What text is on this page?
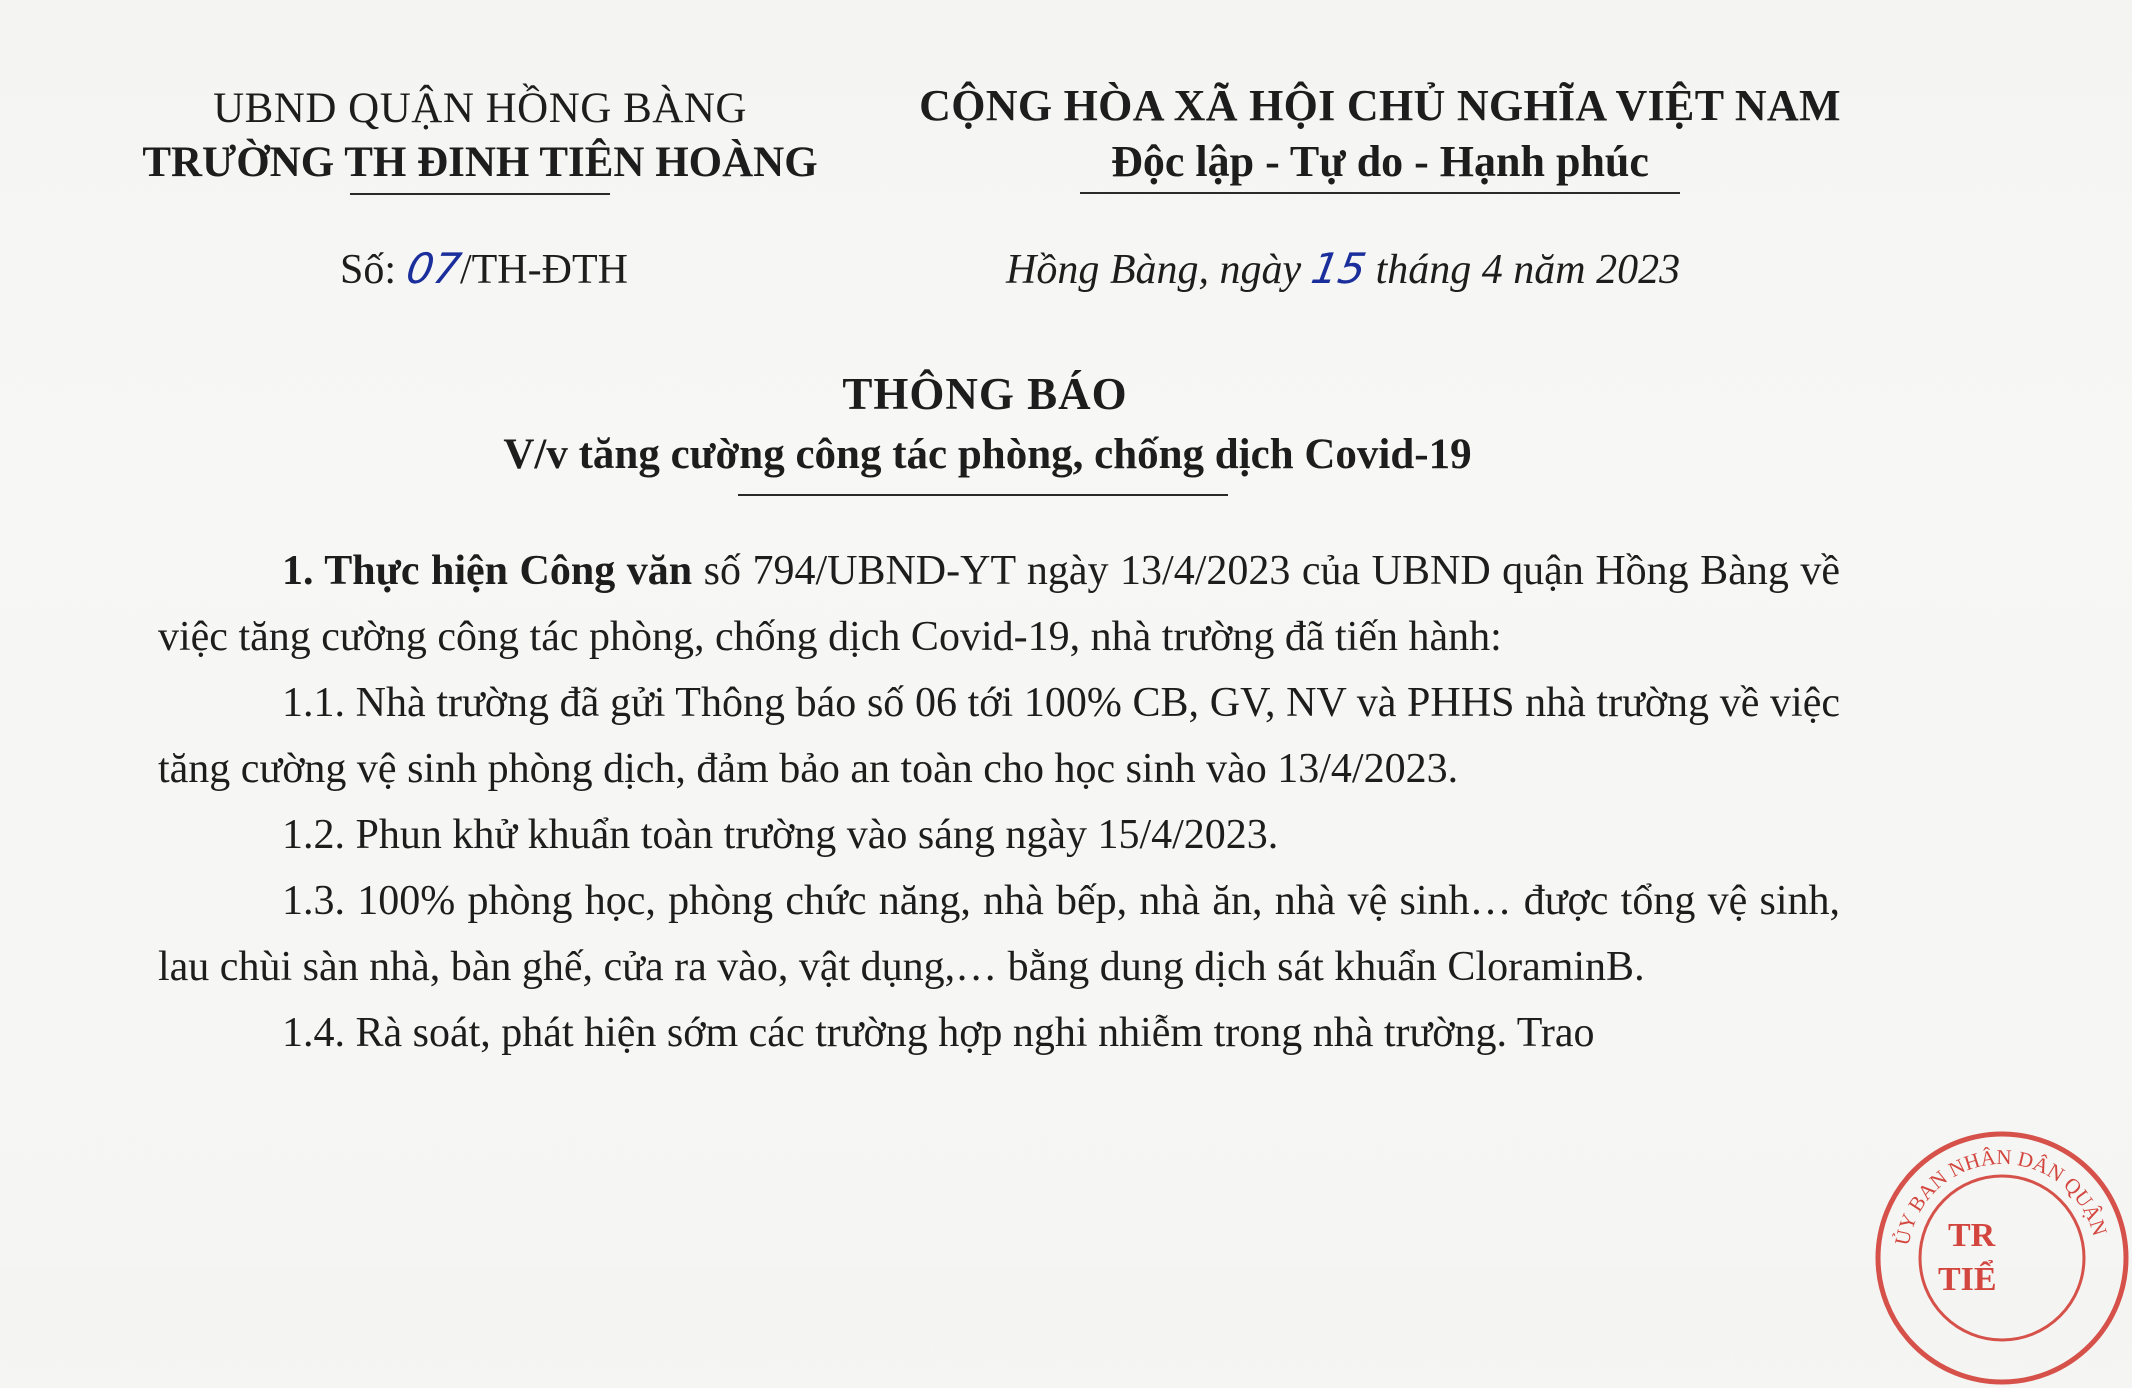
UBND QUẬN HỒNG BÀNG
TRƯỜNG TH ĐINH TIÊN HOÀNG
CỘNG HÒA XÃ HỘI CHỦ NGHĨA VIỆT NAM
Độc lập - Tự do - Hạnh phúc
Số: 07/TH-ĐTH	Hồng Bàng, ngày 15 tháng 4 năm 2023
THÔNG BÁO
V/v tăng cường công tác phòng, chống dịch Covid-19

1. Thực hiện Công văn số 794/UBND-YT ngày 13/4/2023 của UBND quận Hồng Bàng về việc tăng cường công tác phòng, chống dịch Covid-19, nhà trường đã tiến hành:

1.1. Nhà trường đã gửi Thông báo số 06 tới 100% CB, GV, NV và PHHS nhà trường về việc tăng cường vệ sinh phòng dịch, đảm bảo an toàn cho học sinh vào 13/4/2023.

1.2. Phun khử khuẩn toàn trường vào sáng ngày 15/4/2023.

1.3. 100% phòng học, phòng chức năng, nhà bếp, nhà ăn, nhà vệ sinh… được tổng vệ sinh, lau chùi sàn nhà, bàn ghế, cửa ra vào, vật dụng,… bằng dung dịch sát khuẩn CloraminB.

1.4. Rà soát, phát hiện sớm các trường hợp nghi nhiễm trong nhà trường. Trao

ỦY BAN NHÂN DÂN QUẬN
TR
TIỂ
